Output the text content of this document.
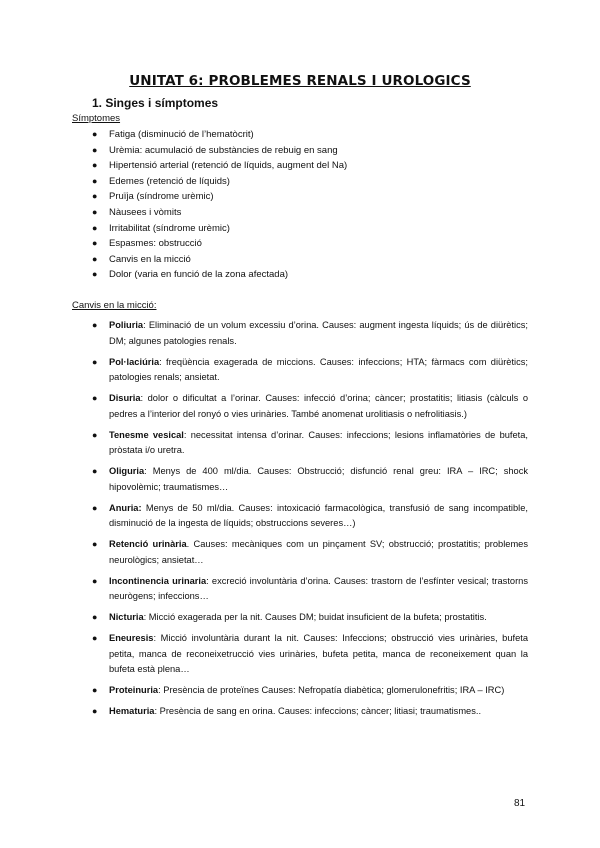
UNITAT 6: PROBLEMES RENALS I UROLOGICS
1. Singes i símptomes
Símptomes
● Fatiga (disminució de l’hematòcrit)
● Urèmia: acumulació de substàncies de rebuig en sang
● Hipertensió arterial (retenció de líquids, augment del Na)
● Edemes (retenció de líquids)
● Pruïja (síndrome urèmic)
● Nàusees i vòmits
● Irritabilitat (síndrome urèmic)
● Espasmes: obstrucció
● Canvis en la micció
● Dolor (varia en funció de la zona afectada)
Canvis en la micció:
● Poliuria: Eliminació de un volum excessiu d’orina. Causes: augment ingesta líquids; ús de diürètics; DM; algunes patologies renals.
● Pol·laciúria: freqüència exagerada de miccions. Causes: infeccions; HTA; fàrmacs com diürètics; patologies renals; ansietat.
● Disuria: dolor o dificultat a l’orinar. Causes: infecció d’orina; càncer; prostatitis; litiasis (càlculs o pedres a l’interior del ronyó o vies urinàries. També anomenat urolitiasis o nefrolitiasis.)
● Tenesme vesical: necessitat intensa d’orinar. Causes: infeccions; lesions inflamatòries de bufeta, pròstata i/o uretra.
● Oliguria: Menys de 400 ml/dia. Causes: Obstrucció; disfunció renal greu: IRA – IRC; shock hipovolèmic; traumatismes…
● Anuria: Menys de 50 ml/dia. Causes: intoxicació farmacològica, transfusió de sang incompatible, disminució de la ingesta de líquids; obstruccions severes…)
● Retenció urinària. Causes: mecàniques com un pinçament SV; obstrucció; prostatitis; problemes neurològics; ansietat…
● Incontinencia urinaria: excreció involuntària d’orina. Causes: trastorn de l’esfínter vesical; trastorns neurògens; infeccions…
● Nicturia: Micció exagerada per la nit. Causes DM; buidat insuficient de la bufeta; prostatitis.
● Eneuresis: Micció involuntària durant la nit. Causes: Infeccions; obstrucció vies urinàries, bufeta petita, manca de reconeixetrucció vies urinàries, bufeta petita, manca de reconeixement quan la bufeta està plena…
● Proteinuria: Presència de proteïnes Causes: Nefropatía diabètica; glomerulonefritis; IRA – IRC)
● Hematuria: Presència de sang en orina. Causes: infeccions; càncer; litiasi; traumatismes..
81
